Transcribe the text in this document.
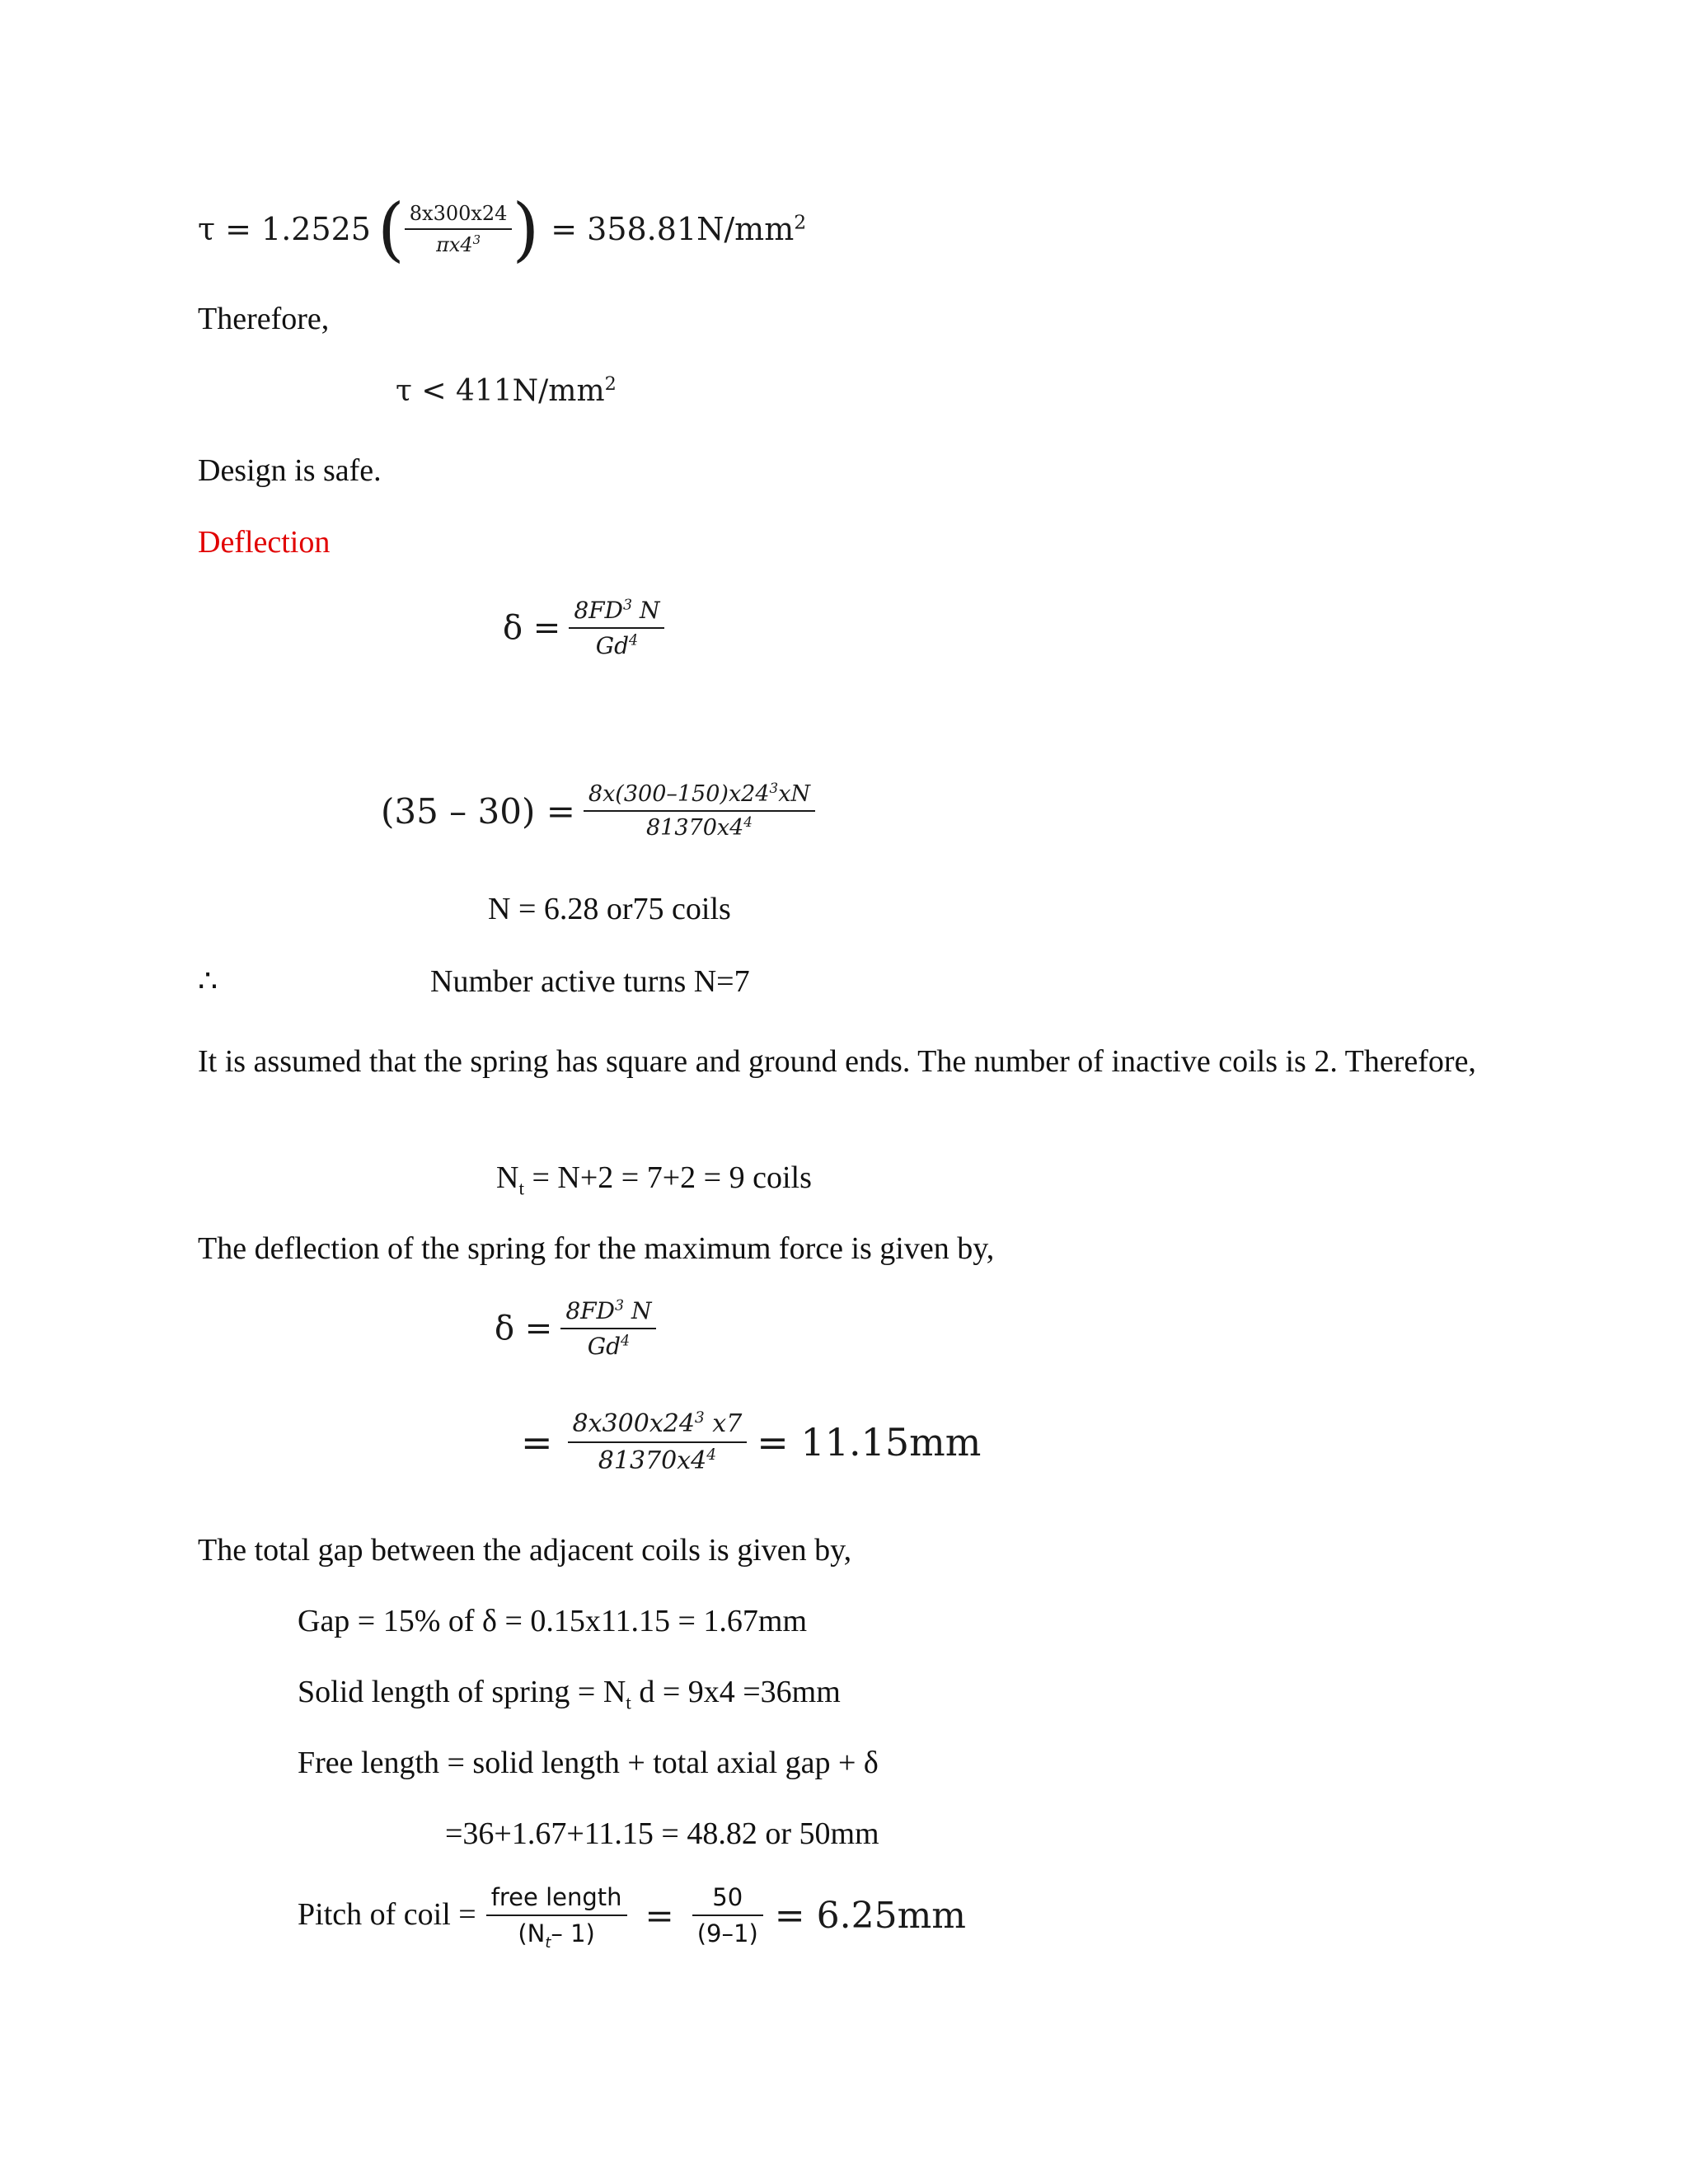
τ = 1.2525 ( $\frac{8x300x24}{\pi x4^3}$ ) = $358.81N/mm^2$
Therefore,
$\tau < 411N/mm^2$
Design is safe.
Deflection
$\delta = \frac{8FD^3 N}{Gd^4}$
$(35 - 30) = \frac{8x(300-150)x24^3xN}{81370x4^4}$
N = 6.28 or75 coils
∴	Number active turns N=7
It is assumed that the spring has square and ground ends. The number of inactive coils is 2. Therefore,
$N_t = N+2 = 7+2 = 9$ coils
The deflection of the spring for the maximum force is given by,
$\delta = \frac{8FD^3 N}{Gd^4}$
= $\frac{8x300x24^3 x7}{81370x4^4} = 11.15mm$
The total gap between the adjacent coils is given by,
Gap = 15% of δ = 0.15x11.15 = 1.67mm
Solid length of spring = $N_t$ d = 9x4 =36mm
Free length = solid length + total axial gap + δ
=36+1.67+11.15 = 48.82 or 50mm
Pitch of coil = $\frac{\text{free length}}{(N_t- 1)} = \frac{50}{(9-1)} = 6.25mm$
